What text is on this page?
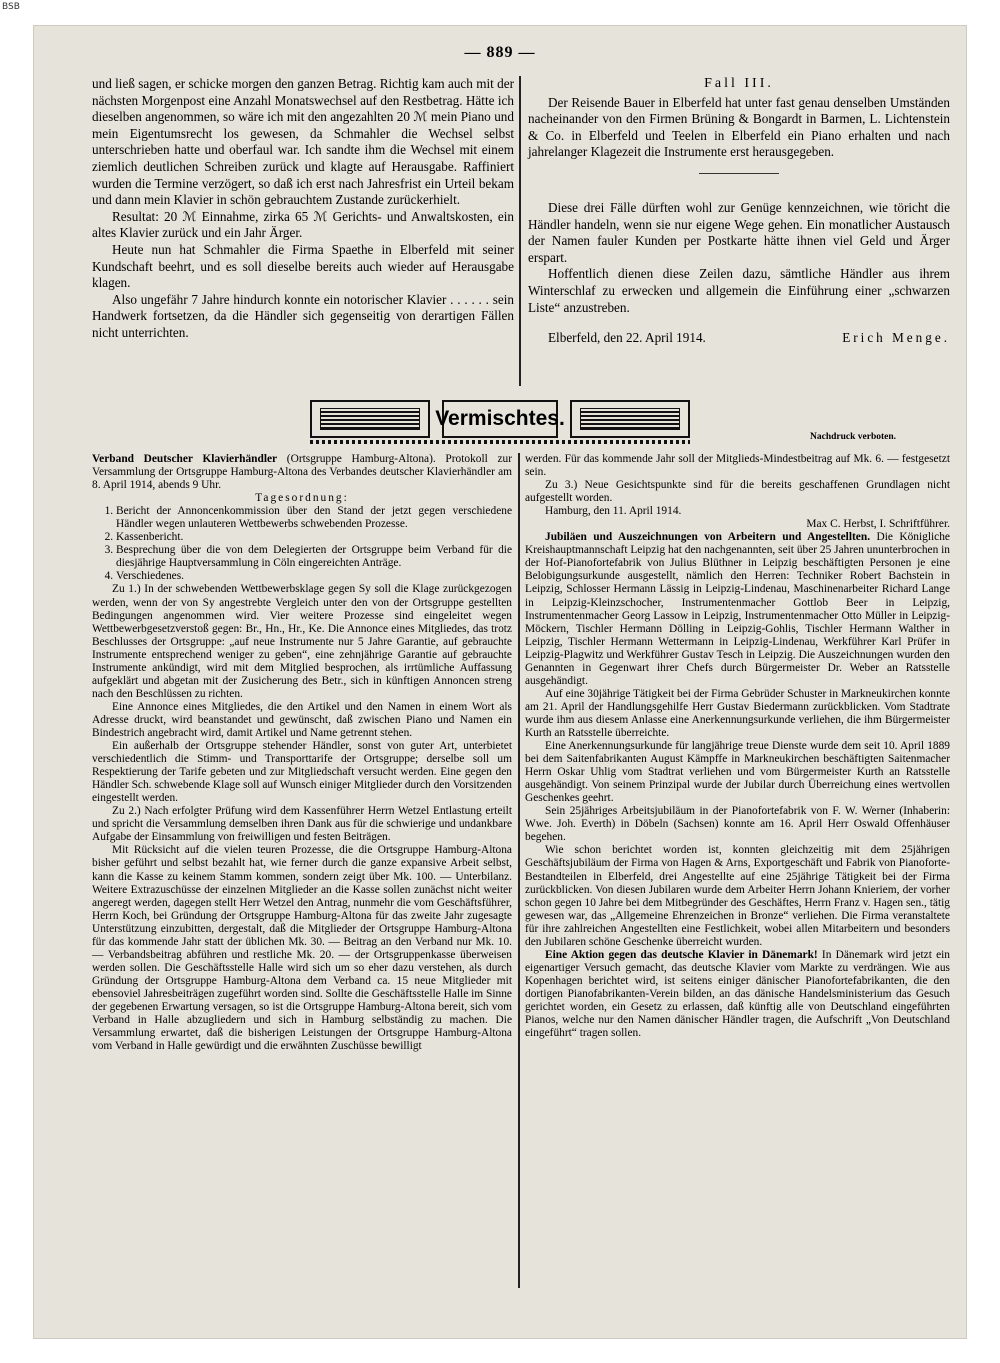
BSB
— 889 —

und ließ sagen, er schicke morgen den ganzen Betrag. Richtig kam auch mit der nächsten Morgenpost eine Anzahl Monatswechsel auf den Restbetrag. Hätte ich dieselben angenommen, so wäre ich mit den angezahlten 20 ℳ mein Piano und mein Eigentumsrecht los gewesen, da Schmahler die Wechsel selbst unterschrieben hatte und oberfaul war. Ich sandte ihm die Wechsel mit einem ziemlich deutlichen Schreiben zurück und klagte auf Herausgabe. Raffiniert wurden die Termine verzögert, so daß ich erst nach Jahresfrist ein Urteil bekam und dann mein Klavier in schön gebrauchtem Zustande zurückerhielt.

Resultat: 20 ℳ Einnahme, zirka 65 ℳ Gerichts- und Anwaltskosten, ein altes Klavier zurück und ein Jahr Ärger.

Heute nun hat Schmahler die Firma Spaethe in Elberfeld mit seiner Kundschaft beehrt, und es soll dieselbe bereits auch wieder auf Herausgabe klagen.

Also ungefähr 7 Jahre hindurch konnte ein notorischer Klavier . . . . . . sein Handwerk fortsetzen, da die Händler sich gegenseitig von derartigen Fällen nicht unterrichten.

Fall III.

Der Reisende Bauer in Elberfeld hat unter fast genau denselben Umständen nacheinander von den Firmen Brüning & Bongardt in Barmen, L. Lichtenstein & Co. in Elberfeld und Teelen in Elberfeld ein Piano erhalten und nach jahrelanger Klagezeit die Instrumente erst herausgegeben.

Diese drei Fälle dürften wohl zur Genüge kennzeichnen, wie töricht die Händler handeln, wenn sie nur eigene Wege gehen. Ein monatlicher Austausch der Namen fauler Kunden per Postkarte hätte ihnen viel Geld und Ärger erspart.

Hoffentlich dienen diese Zeilen dazu, sämtliche Händler aus ihrem Winterschlaf zu erwecken und allgemein die Einführung einer „schwarzen Liste“ anzustreben.

Elberfeld, den 22. April 1914.	Erich Menge.

Vermischtes.
Nachdruck verboten.

Verband Deutscher Klavierhändler (Ortsgruppe Hamburg-Altona). Protokoll zur Versammlung der Ortsgruppe Hamburg-Altona des Verbandes deutscher Klavierhändler am 8. April 1914, abends 9 Uhr.

Tagesordnung:

1. Bericht der Annoncenkommission über den Stand der jetzt gegen verschiedene Händler wegen unlauteren Wettbewerbs schwebenden Prozesse.
2. Kassenbericht.
3. Besprechung über die von dem Delegierten der Ortsgruppe beim Verband für die diesjährige Hauptversammlung in Cöln eingereichten Anträge.
4. Verschiedenes.

Zu 1.) In der schwebenden Wettbewerbsklage gegen Sy soll die Klage zurückgezogen werden, wenn der von Sy angestrebte Vergleich unter den von der Ortsgruppe gestellten Bedingungen angenommen wird. Vier weitere Prozesse sind eingeleitet wegen Wettbewerbgesetzverstoß gegen: Br., Hn., Hr., Ke. Die Annonce eines Mitgliedes, das trotz Beschlusses der Ortsgruppe: „auf neue Instrumente nur 5 Jahre Garantie, auf gebrauchte Instrumente entsprechend weniger zu geben“, eine zehnjährige Garantie auf gebrauchte Instrumente ankündigt, wird mit dem Mitglied besprochen, als irrtümliche Auffassung aufgeklärt und abgetan mit der Zusicherung des Betr., sich in künftigen Annoncen streng nach den Beschlüssen zu richten.

Eine Annonce eines Mitgliedes, die den Artikel und den Namen in einem Wort als Adresse druckt, wird beanstandet und gewünscht, daß zwischen Piano und Namen ein Bindestrich angebracht wird, damit Artikel und Name getrennt stehen.

Ein außerhalb der Ortsgruppe stehender Händler, sonst von guter Art, unterbietet verschiedentlich die Stimm- und Transporttarife der Ortsgruppe; derselbe soll um Respektierung der Tarife gebeten und zur Mitgliedschaft versucht werden. Eine gegen den Händler Sch. schwebende Klage soll auf Wunsch einiger Mitglieder durch den Vorsitzenden eingestellt werden.

Zu 2.) Nach erfolgter Prüfung wird dem Kassenführer Herrn Wetzel Entlastung erteilt und spricht die Versammlung demselben ihren Dank aus für die schwierige und undankbare Aufgabe der Einsammlung von freiwilligen und festen Beiträgen.

Mit Rücksicht auf die vielen teuren Prozesse, die die Ortsgruppe Hamburg-Altona bisher geführt und selbst bezahlt hat, wie ferner durch die ganze expansive Arbeit selbst, kann die Kasse zu keinem Stamm kommen, sondern zeigt über Mk. 100. — Unterbilanz. Weitere Extrazuschüsse der einzelnen Mitglieder an die Kasse sollen zunächst nicht weiter angeregt werden, dagegen stellt Herr Wetzel den Antrag, nunmehr die vom Geschäftsführer, Herrn Koch, bei Gründung der Ortsgruppe Hamburg-Altona für das zweite Jahr zugesagte Unterstützung einzubitten, dergestalt, daß die Mitglieder der Ortsgruppe Hamburg-Altona für das kommende Jahr statt der üblichen Mk. 30. — Beitrag an den Verband nur Mk. 10. — Verbandsbeitrag abführen und restliche Mk. 20. — der Ortsgruppenkasse überweisen werden sollen. Die Geschäftsstelle Halle wird sich um so eher dazu verstehen, als durch Gründung der Ortsgruppe Hamburg-Altona dem Verband ca. 15 neue Mitglieder mit ebensoviel Jahresbeiträgen zugeführt worden sind. Sollte die Geschäftsstelle Halle im Sinne der gegebenen Erwartung versagen, so ist die Ortsgruppe Hamburg-Altona bereit, sich vom Verband in Halle abzugliedern und sich in Hamburg selbständig zu machen. Die Versammlung erwartet, daß die bisherigen Leistungen der Ortsgruppe Hamburg-Altona vom Verband in Halle gewürdigt und die erwähnten Zuschüsse bewilligt

werden. Für das kommende Jahr soll der Mitglieds-Mindestbeitrag auf Mk. 6. — festgesetzt sein.

Zu 3.) Neue Gesichtspunkte sind für die bereits geschaffenen Grundlagen nicht aufgestellt worden.

Hamburg, den 11. April 1914.

Max C. Herbst, I. Schriftführer.

Jubiläen und Auszeichnungen von Arbeitern und Angestellten. Die Königliche Kreishauptmannschaft Leipzig hat den nachgenannten, seit über 25 Jahren ununterbrochen in der Hof-Pianofortefabrik von Julius Blüthner in Leipzig beschäftigten Personen je eine Belobigungsurkunde ausgestellt, nämlich den Herren: Techniker Robert Bachstein in Leipzig, Schlosser Hermann Lässig in Leipzig-Lindenau, Maschinenarbeiter Richard Lange in Leipzig-Kleinzschocher, Instrumentenmacher Gottlob Beer in Leipzig, Instrumentenmacher Georg Lassow in Leipzig, Instrumentenmacher Otto Müller in Leipzig-Möckern, Tischler Hermann Dölling in Leipzig-Gohlis, Tischler Hermann Walther in Leipzig, Tischler Hermann Wettermann in Leipzig-Lindenau, Werkführer Karl Prüfer in Leipzig-Plagwitz und Werkführer Gustav Tesch in Leipzig. Die Auszeichnungen wurden den Genannten in Gegenwart ihrer Chefs durch Bürgermeister Dr. Weber an Ratsstelle ausgehändigt.

Auf eine 30jährige Tätigkeit bei der Firma Gebrüder Schuster in Markneukirchen konnte am 21. April der Handlungsgehilfe Herr Gustav Biedermann zurückblicken. Vom Stadtrate wurde ihm aus diesem Anlasse eine Anerkennungsurkunde verliehen, die ihm Bürgermeister Kurth an Ratsstelle überreichte.

Eine Anerkennungsurkunde für langjährige treue Dienste wurde dem seit 10. April 1889 bei dem Saitenfabrikanten August Kämpffe in Markneukirchen beschäftigten Saitenmacher Herrn Oskar Uhlig vom Stadtrat verliehen und vom Bürgermeister Kurth an Ratsstelle ausgehändigt. Von seinem Prinzipal wurde der Jubilar durch Überreichung eines wertvollen Geschenkes geehrt.

Sein 25jähriges Arbeitsjubiläum in der Pianofortefabrik von F. W. Werner (Inhaberin: Wwe. Joh. Everth) in Döbeln (Sachsen) konnte am 16. April Herr Oswald Offenhäuser begehen.

Wie schon berichtet worden ist, konnten gleichzeitig mit dem 25jährigen Geschäftsjubiläum der Firma von Hagen & Arns, Exportgeschäft und Fabrik von Pianoforte-Bestandteilen in Elberfeld, drei Angestellte auf eine 25jährige Tätigkeit bei der Firma zurückblicken. Von diesen Jubilaren wurde dem Arbeiter Herrn Johann Knieriem, der vorher schon gegen 10 Jahre bei dem Mitbegründer des Geschäftes, Herrn Franz v. Hagen sen., tätig gewesen war, das „Allgemeine Ehrenzeichen in Bronze“ verliehen. Die Firma veranstaltete für ihre zahlreichen Angestellten eine Festlichkeit, wobei allen Mitarbeitern und besonders den Jubilaren schöne Geschenke überreicht wurden.

Eine Aktion gegen das deutsche Klavier in Dänemark! In Dänemark wird jetzt ein eigenartiger Versuch gemacht, das deutsche Klavier vom Markte zu verdrängen. Wie aus Kopenhagen berichtet wird, ist seitens einiger dänischer Pianofortefabrikanten, die den dortigen Pianofabrikanten-Verein bilden, an das dänische Handelsministerium das Gesuch gerichtet worden, ein Gesetz zu erlassen, daß künftig alle von Deutschland eingeführten Pianos, welche nur den Namen dänischer Händler tragen, die Aufschrift „Von Deutschland eingeführt“ tragen sollen.
